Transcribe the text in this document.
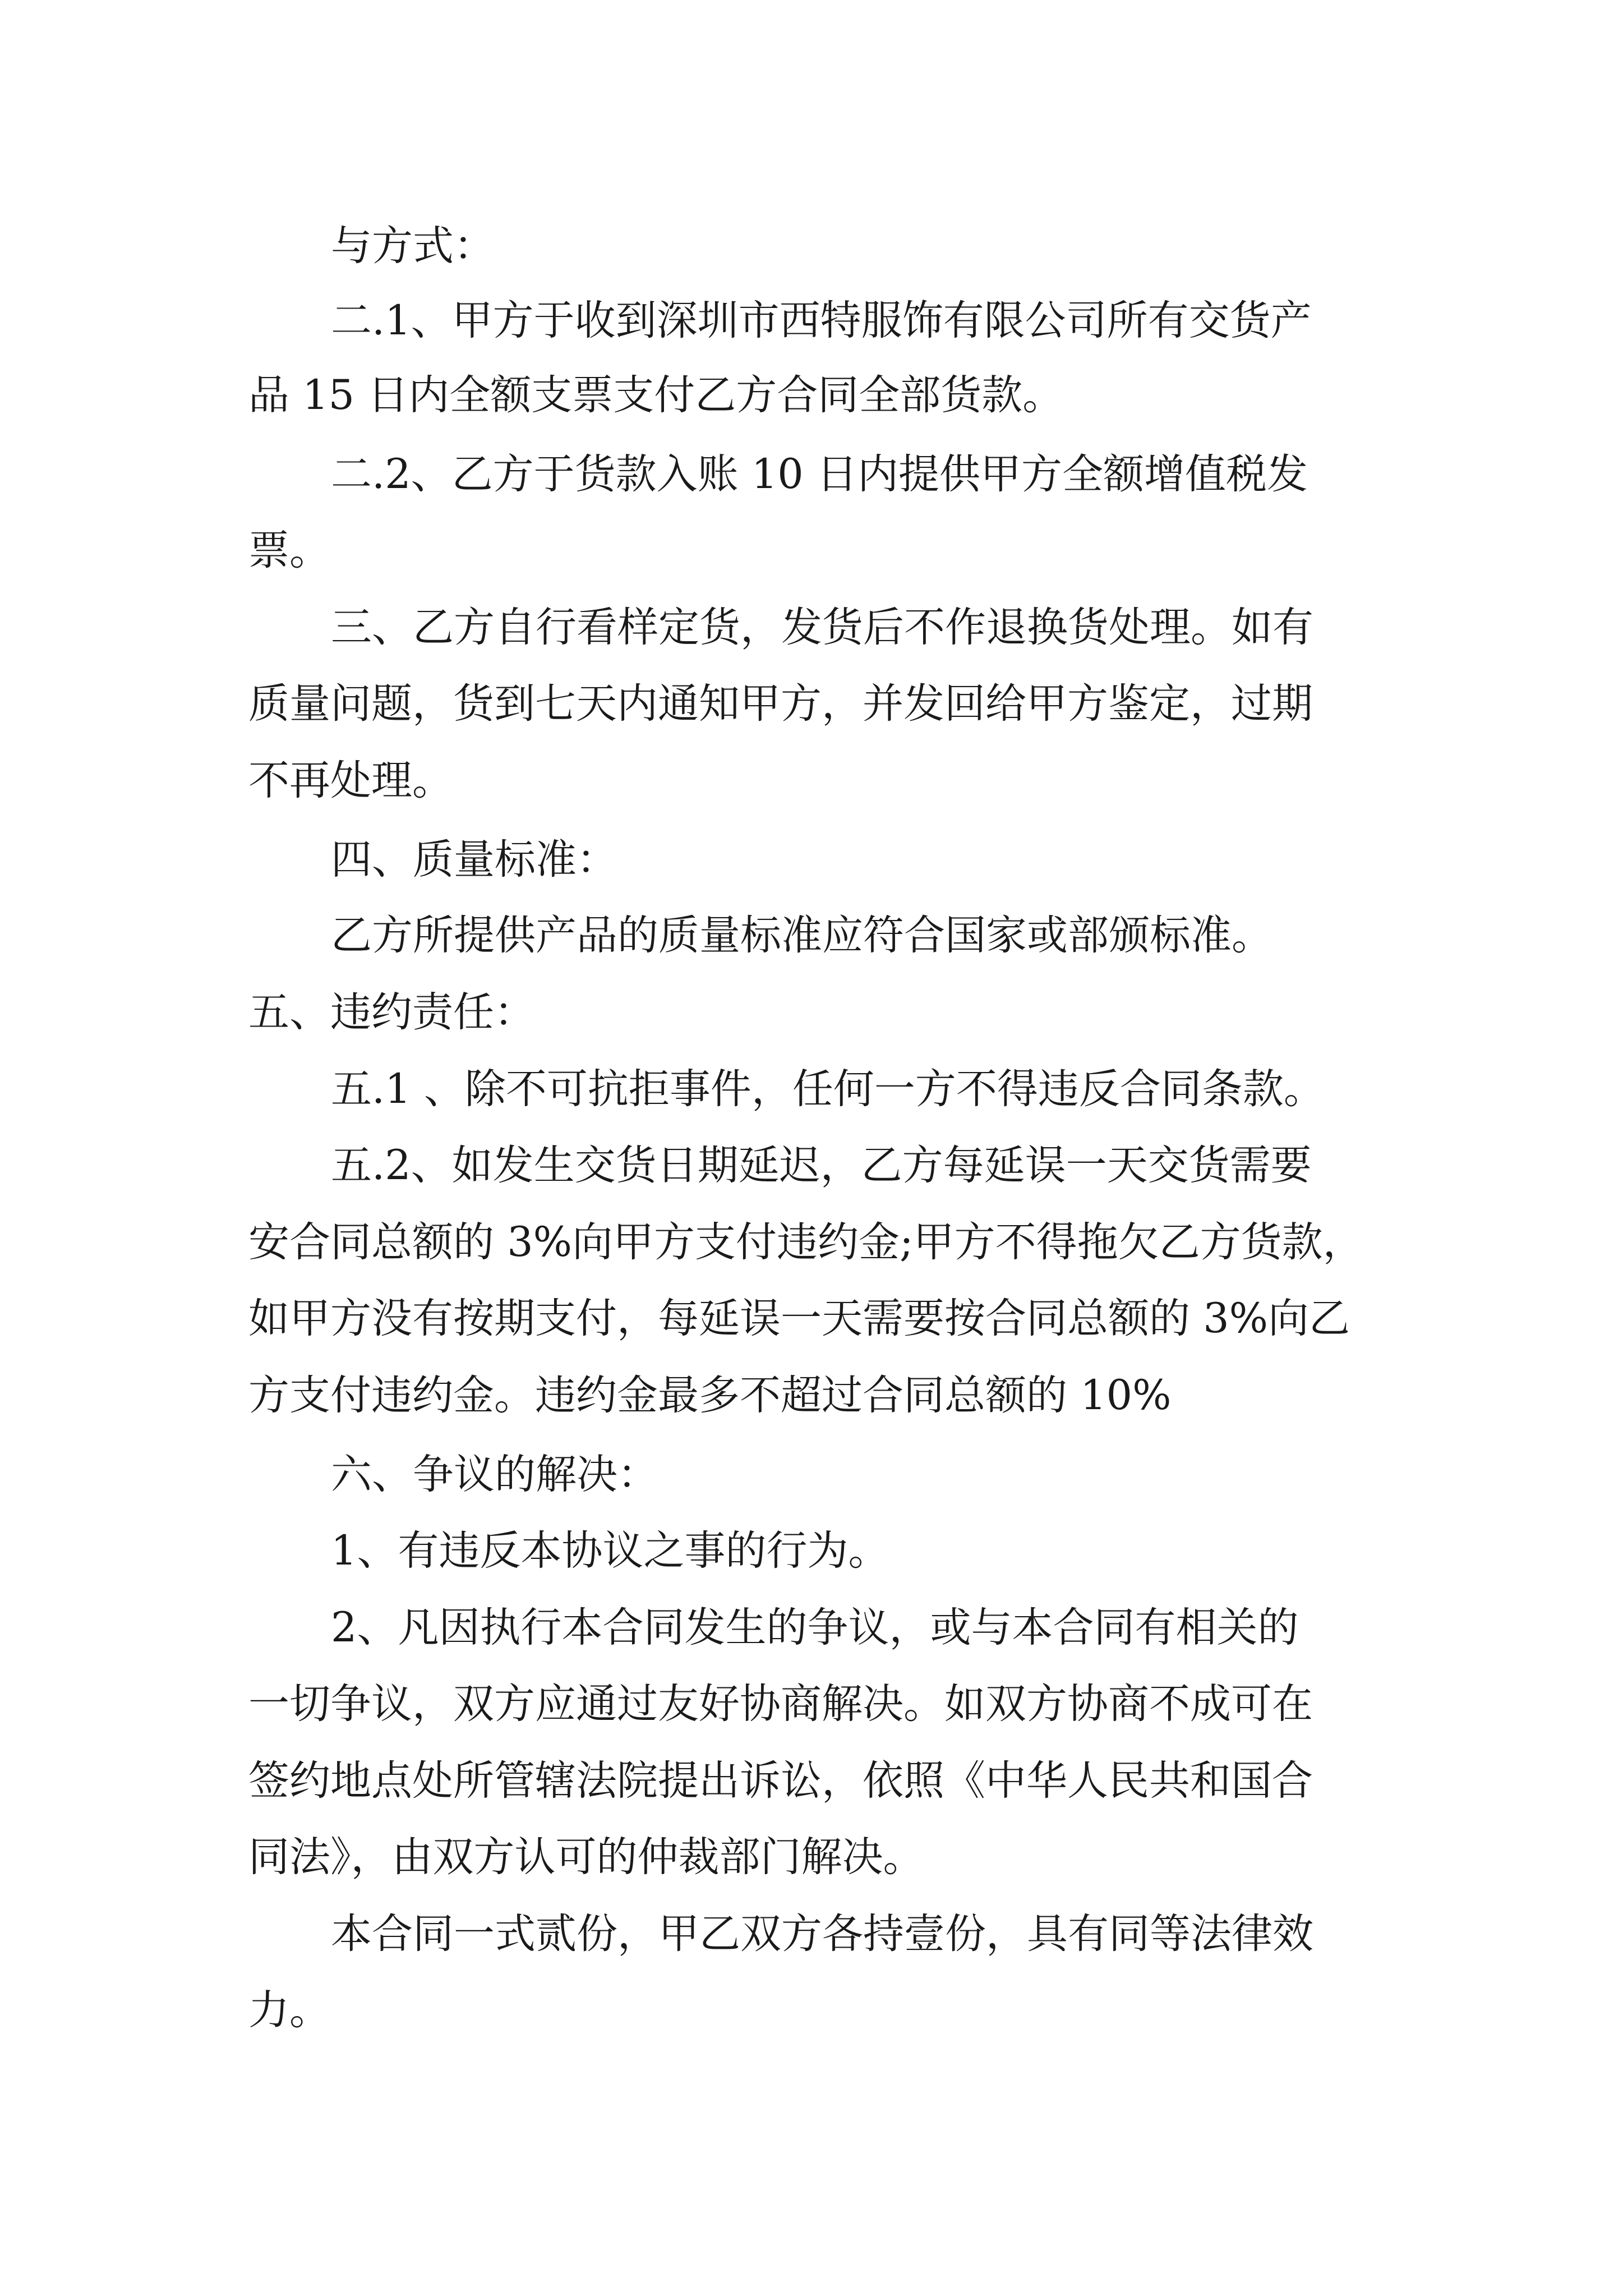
与方式：
二.1、甲方于收到深圳市西特服饰有限公司所有交货产
品 15 日内全额支票支付乙方合同全部货款。
二.2、乙方于货款入账 10 日内提供甲方全额增值税发
票。
三、乙方自行看样定货，发货后不作退换货处理。如有
质量问题，货到七天内通知甲方，并发回给甲方鉴定，过期
不再处理。
四、质量标准：
乙方所提供产品的质量标准应符合国家或部颁标准。
五、违约责任：
五.1 、除不可抗拒事件，任何一方不得违反合同条款。
五.2、如发生交货日期延迟，乙方每延误一天交货需要
安合同总额的 3%向甲方支付违约金;甲方不得拖欠乙方货款，
如甲方没有按期支付，每延误一天需要按合同总额的 3%向乙
方支付违约金。违约金最多不超过合同总额的 10%
六、争议的解决：
1、有违反本协议之事的行为。
2、凡因执行本合同发生的争议，或与本合同有相关的
一切争议，双方应通过友好协商解决。如双方协商不成可在
签约地点处所管辖法院提出诉讼，依照《中华人民共和国合
同法》，由双方认可的仲裁部门解决。
本合同一式贰份，甲乙双方各持壹份，具有同等法律效
力。
